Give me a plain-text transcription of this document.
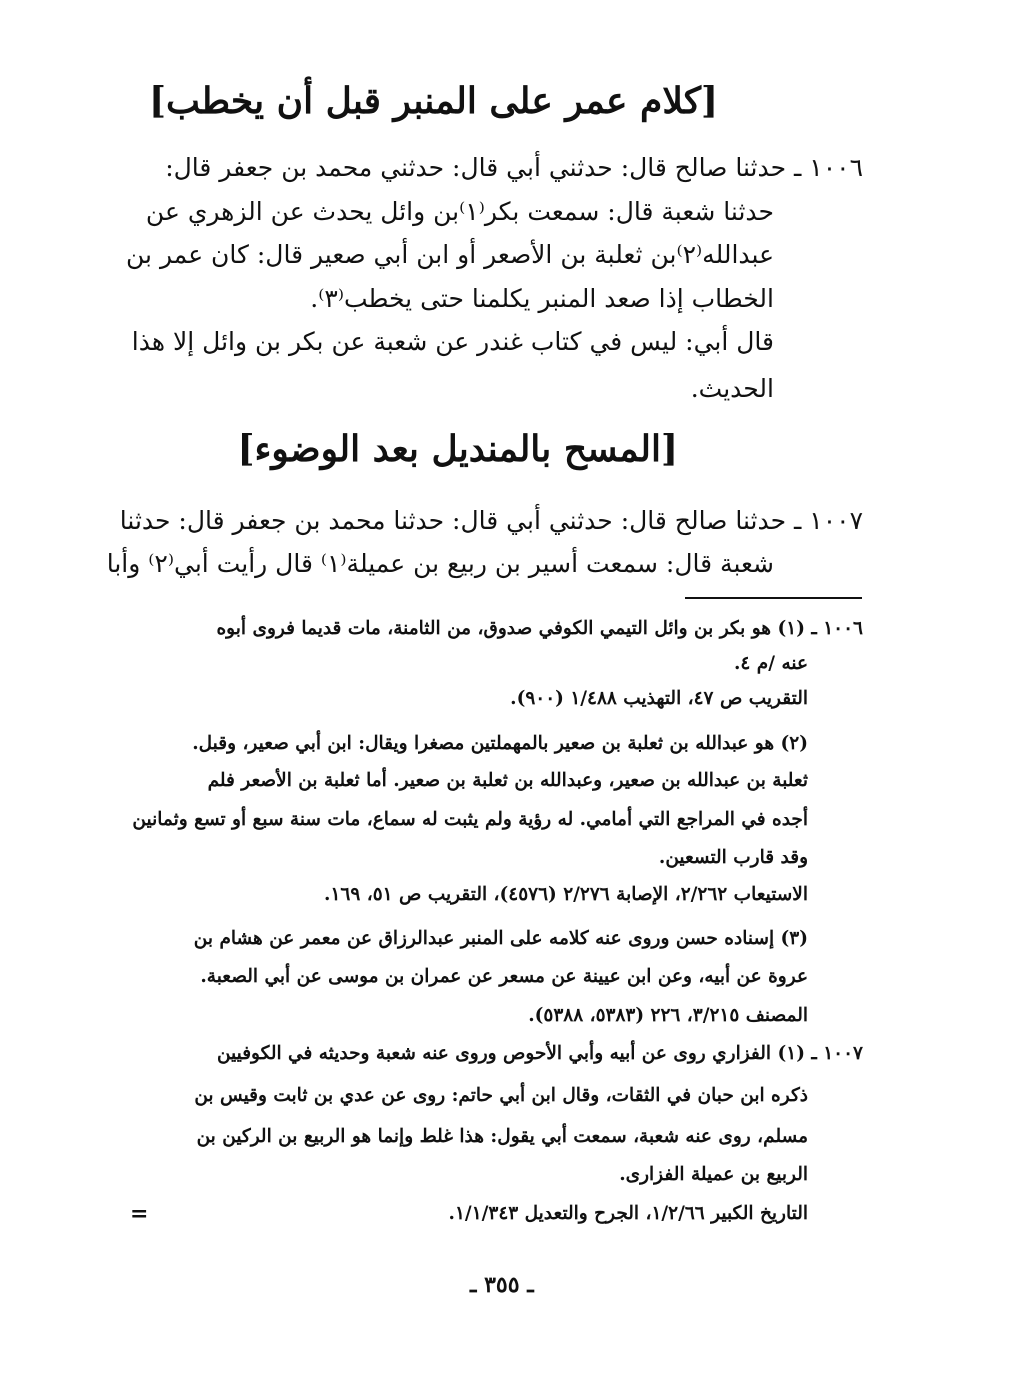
[كلام عمر على المنبر قبل أن يخطب]
١٠٠٦ ـ حدثنا صالح قال: حدثني أبي قال: حدثني محمد بن جعفر قال:
حدثنا شعبة قال: سمعت بكر⁽١⁾بن وائل يحدث عن الزهري عن
عبدالله⁽٢⁾بن ثعلبة بن الأصعر أو ابن أبي صعير قال: كان عمر بن
الخطاب إذا صعد المنبر يكلمنا حتى يخطب⁽٣⁾.
قال أبي: ليس في كتاب غندر عن شعبة عن بكر بن وائل إلا هذا
الحديث.
[المسح بالمنديل بعد الوضوء]
١٠٠٧ ـ حدثنا صالح قال: حدثني أبي قال: حدثنا محمد بن جعفر قال: حدثنا
شعبة قال: سمعت أسير بن ربيع بن عميلة⁽١⁾ قال رأيت أبي⁽٢⁾ وأبا
١٠٠٦ ـ (١) هو بكر بن وائل التيمي الكوفي صدوق، من الثامنة، مات قديما فروى أبوه
عنه /م ٤.
التقريب ص ٤٧، التهذيب ١/٤٨٨ (٩٠٠).
(٢) هو عبدالله بن ثعلبة بن صعير بالمهملتين مصغرا ويقال: ابن أبي صعير، وقبل.
ثعلبة بن عبدالله بن صعير، وعبدالله بن ثعلبة بن صعير. أما ثعلبة بن الأصعر فلم
أجده في المراجع التي أمامي. له رؤية ولم يثبت له سماع، مات سنة سبع أو تسع وثمانين
وقد قارب التسعين.
الاستيعاب ٢/٢٦٢، الإصابة ٢/٢٧٦ (٤٥٧٦)، التقريب ص ٥١، ١٦٩.
(٣) إسناده حسن وروى عنه كلامه على المنبر عبدالرزاق عن معمر عن هشام بن
عروة عن أبيه، وعن ابن عيينة عن مسعر عن عمران بن موسى عن أبي الصعبة.
المصنف ٣/٢١٥، ٢٢٦ (٥٣٨٣، ٥٣٨٨).
١٠٠٧ ـ (١) الفزاري روى عن أبيه وأبي الأحوص وروى عنه شعبة وحديثه في الكوفيين
ذكره ابن حبان في الثقات، وقال ابن أبي حاتم: روى عن عدي بن ثابت وقيس بن
مسلم، روى عنه شعبة، سمعت أبي يقول: هذا غلط وإنما هو الربيع بن الركين بن
الربيع بن عميلة الفزارى.
التاريخ الكبير ١/٢/٦٦، الجرح والتعديل ١/١/٣٤٣.
=
ـ ٣٥٥ ـ
